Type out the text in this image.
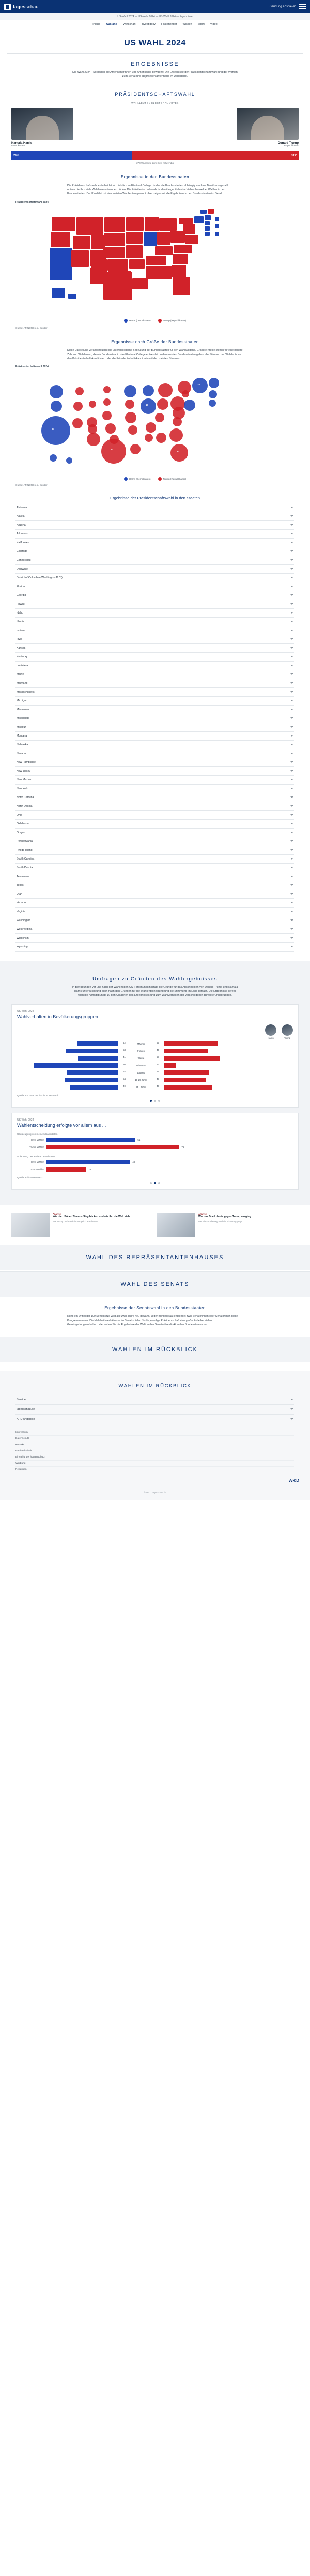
tagesschau	Sendung abspielen
US-Wahl 2024 — US-Wahl 2024 — US-Wahl 2024 — Ergebnisse
Inland Ausland Wirtschaft Investigativ Faktenfinder Wissen Sport Video
US WAHL 2024
ERGEBNISSE
Die Wahl 2024 - So haben die Amerikanerinnen und Amerikaner gewaehlt: Die Ergebnisse der Praesidentschaftswahl und der Wahlen zum Senat und Repraesentantenhaus im Ueberblick.
PRÄSIDENTSCHAFTSWAHL
WAHLLEUTE / ELECTORAL VOTES
Kamala Harris
Demokraten
Donald Trump
Republikaner
226	312
270 Wahlleute zum Sieg notwendig
Ergebnisse in den Bundesstaaten
Die Präsidentschaftswahl entscheidet sich letztlich im Electoral College. In das die Bundesstaaten abhängig von ihrer Bevölkerungszahl unterschiedlich viele Wahlleute entsenden dürfen. Die Präsidentschaftswahl ist damit eigentlich eine Vielzahl einzelner Wahlen in den Bundesstaaten. Der Kandidat mit den meisten Wahlleuten gewinnt - hier zeigen wir die Ergebnisse in den Bundesstaaten im Detail.
Präsidentschaftswahl 2024
Harris (Demokraten)	Trump (Republikaner)
Quelle: AP/NORC u.a. Sender
Ergebnisse nach Größe der Bundesstaaten
Diese Darstellung veranschaulicht die unterschiedliche Bedeutung der Bundesstaaten für den Wahlausgang. Größere Kreise stehen für eine höhere Zahl von Wahlleuten, die ein Bundesstaat in das Electoral College entsendet. In den meisten Bundesstaaten gehen alle Stimmen der Wahlleute an den Präsidentschaftskandidaten oder die Präsidentschaftskandidatin mit den meisten Stimmen.
Präsidentschaftswahl 2024
54
40
19
30
28
Harris (Demokraten)	Trump (Republikaner)
Quelle: AP/NORC u.a. Sender
Ergebnisse der Präsidentschaftswahl in den Staaten
Alabama
Alaska
Arizona
Arkansas
Kalifornien
Colorado
Connecticut
Delaware
District of Columbia (Washington D.C.)
Florida
Georgia
Hawaii
Idaho
Illinois
Indiana
Iowa
Kansas
Kentucky
Louisiana
Maine
Maryland
Massachusetts
Michigan
Minnesota
Mississippi
Missouri
Montana
Nebraska
Nevada
New Hampshire
New Jersey
New Mexico
New York
North Carolina
North Dakota
Ohio
Oklahoma
Oregon
Pennsylvania
Rhode Island
South Carolina
South Dakota
Tennessee
Texas
Utah
Vermont
Virginia
Washington
West Virginia
Wisconsin
Wyoming
Umfragen zu Gründen des Wahlergebnisses
In Befragungen vor und nach der Wahl hatten US-Forschungsinstitute die Gründe für das Abschneiden von Donald Trump und Kamala Harris untersucht und auch nach den Gründen für die Wahlentscheidung und die Stimmung im Land gefragt. Die Ergebnisse liefern wichtige Anhaltspunkte zu den Ursachen des Ergebnisses und zum Wahlverhalten der verschiedenen Bevölkerungsgruppen.
US-Wahl 2024
Wahlverhalten in Bevölkerungsgruppen
Harris	Trump
42	Männer	55
53	Frauen	45
41	Weiße	57
86	Schwarze	12
52	Latinos	46
54	18-29 Jahre	43
49	65+ Jahre	49
Quelle: AP VoteCast / Edison Research
US-Wahl 2024
Wahlentscheidung erfolgte vor allem aus ...
Überzeugung von meinem Kandidaten
Harris-Wähler	51
Trump-Wähler	76
Ablehnung des anderen Kandidaten
Harris-Wähler	48
Trump-Wähler	23
Quelle: Edison Research
Analyse
Wie die USA auf Trumps Sieg blicken und wie ihn die Welt sieht
Wie Trump und Harris im Vergleich abschnitten
Analyse
Wie das Duell Harris gegen Trump ausging
Wer die USA bewegt und die Stimmung prägt
WAHL DES REPRÄSENTANTENHAUSES
WAHL DES SENATS
Ergebnisse der Senatswahl in den Bundesstaaten
Rund ein Drittel der 100 Senatssitze wird alle zwei Jahre neu gewählt. Jeder Bundesstaat entsendet zwei Senatorinnen oder Senatoren in diese Kongresskammer. Die Mehrheitsverhältnisse im Senat spielen für die jeweilige Präsidentschaft eine große Rolle bei vielen Gesetzgebungsvorhaben. Hier sehen Sie die Ergebnisse der Wahl in den Senatssitze direkt in den Bundesstaaten nach.
WAHLEN IM RÜCKBLICK
WAHLEN IM RÜCKBLICK
Service
tagesschau.de
ARD Angebote
Impressum
Datenschutz
Kontakt
Barrierefreiheit
Einstellungen/Datenschutz
Werbung
Redaktion
ARD
© ARD | tagesschau.de
